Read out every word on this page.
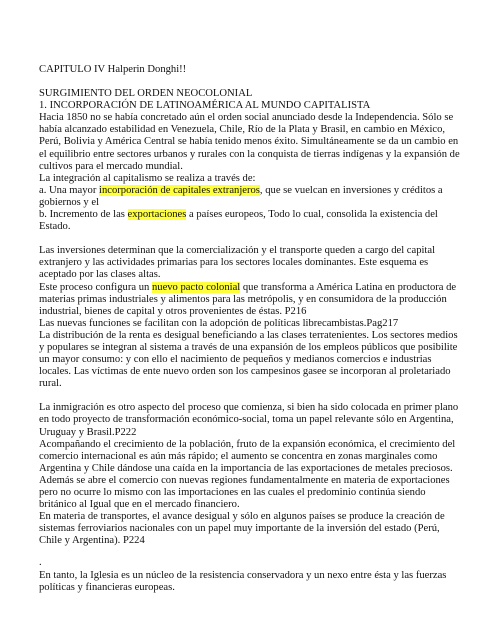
CAPITULO IV Halperin Donghi!!

SURGIMIENTO DEL ORDEN NEOCOLONIAL

1. INCORPORACIÓN DE LATINOAMÉRICA AL MUNDO CAPITALISTA

Hacia 1850 no se había concretado aún el orden social anunciado desde la Independencia. Sólo se había alcanzado estabilidad en Venezuela, Chile, Río de la Plata y Brasil, en cambio en México, Perú, Bolivia y América Central se había tenido menos éxito. Simultáneamente se da un cambio en el equilibrio entre sectores urbanos y rurales con la conquista de tierras indígenas y la expansión de cultivos para el mercado mundial.

La integración al capitalismo se realiza a través de:

a. Una mayor incorporación de capitales extranjeros, que se vuelcan en inversiones y créditos a gobiernos y el

b. Incremento de las exportaciones a países europeos, Todo lo cual, consolida la existencia del Estado.

Las inversiones determinan que la comercialización y el transporte queden a cargo del capital extranjero y las actividades primarias para los sectores locales dominantes. Este esquema es aceptado por las clases altas.

Este proceso configura un nuevo pacto colonial que transforma a América Latina en productora de materias primas industriales y alimentos para las metrópolis, y en consumidora de la producción industrial, bienes de capital y otros provenientes de éstas. P216

Las nuevas funciones se facilitan con la adopción de políticas librecambistas.Pag217

La distribución de la renta es desigual beneficiando a las clases terratenientes. Los sectores medios y populares se integran al sistema a través de una expansión de los empleos públicos que posibilite un mayor consumo: y con ello el nacimiento de pequeños y medianos comercios e industrias locales. Las víctimas de ente nuevo orden son los campesinos gasee se incorporan al proletariado rural.

La inmigración es otro aspecto del proceso que comienza, si bien ha sido colocada en primer plano en todo proyecto de transformación económico-social, toma un papel relevante sólo en Argentina, Uruguay y Brasil.P222

Acompañando el crecimiento de la población, fruto de la expansión económica, el crecimiento del comercio internacional es aún más rápido; el aumento se concentra en zonas marginales como Argentina y Chile dándose una caída en la importancia de las exportaciones de metales preciosos. Además se abre el comercio con nuevas regiones fundamentalmente en materia de exportaciones pero no ocurre lo mismo con las importaciones en las cuales el predominio continúa siendo británico al Igual que en el mercado financiero.

En materia de transportes, el avance desigual y sólo en algunos países se produce la creación de sistemas ferroviarios nacionales con un papel muy importante de la inversión del estado (Perú, Chile y Argentina). P224

.

En tanto, la Iglesia es un núcleo de la resistencia conservadora y un nexo entre ésta y las fuerzas políticas y financieras europeas.
